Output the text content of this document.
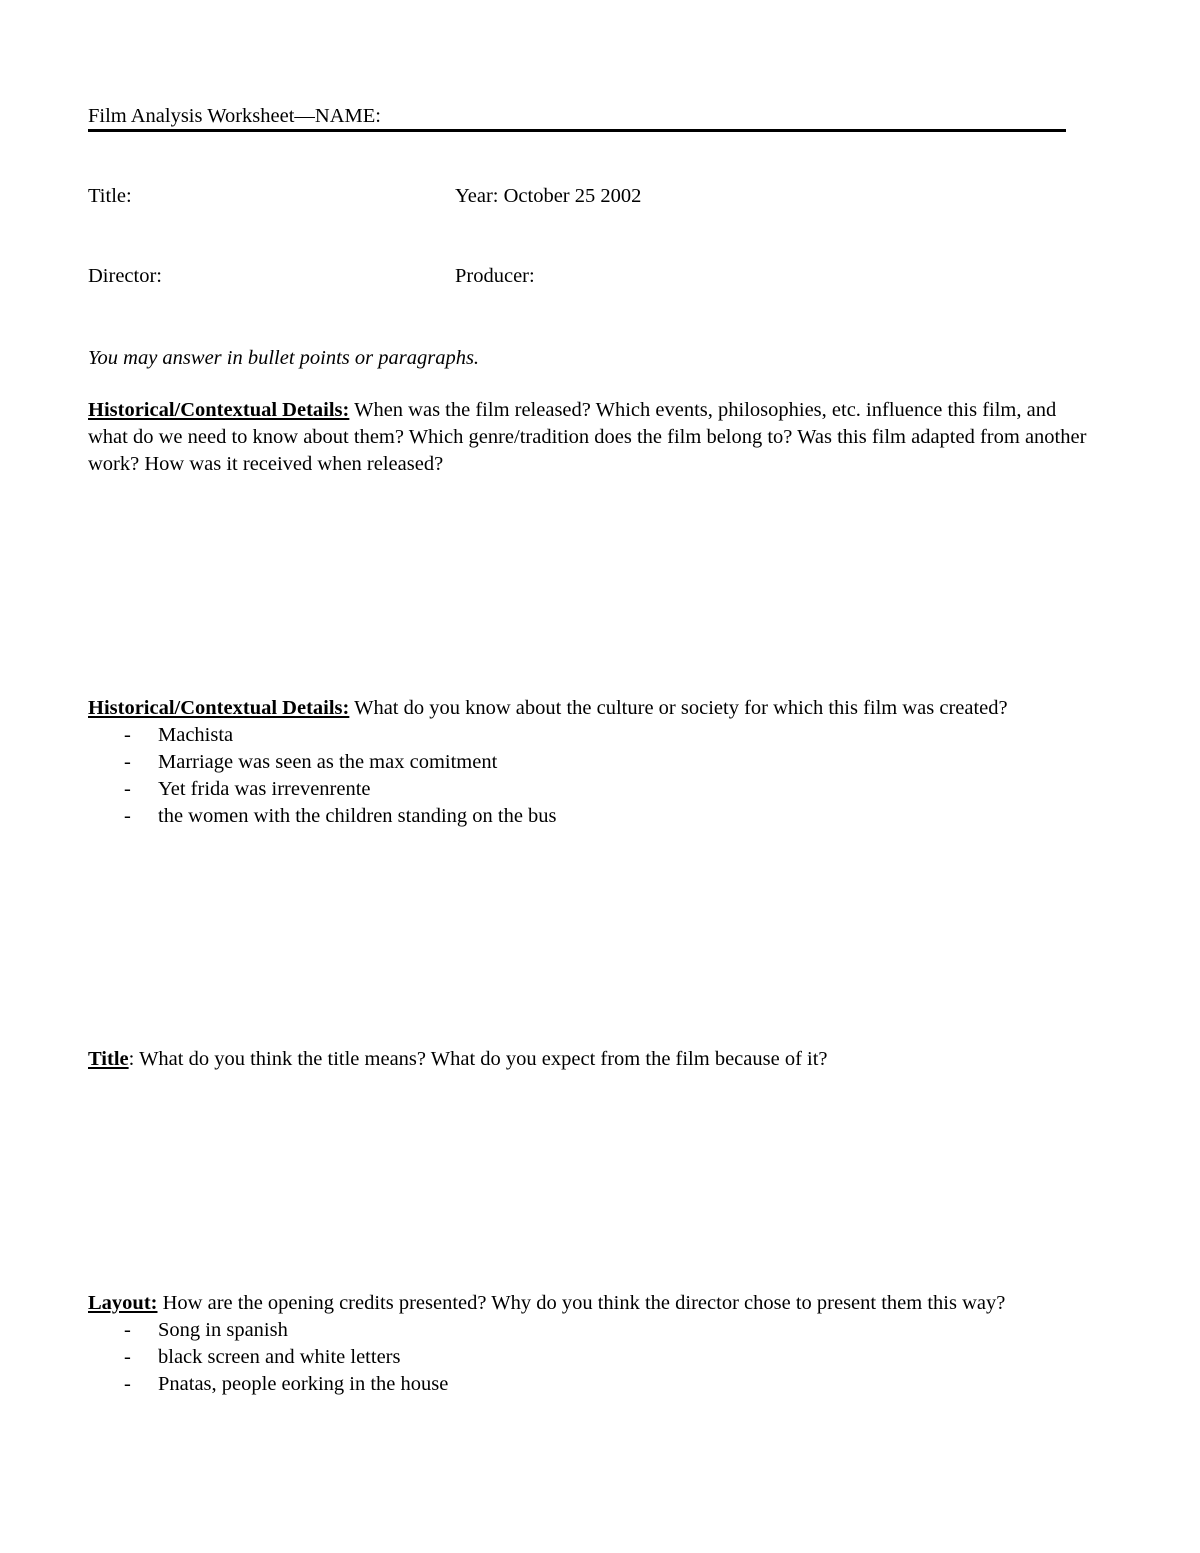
Film Analysis Worksheet—NAME:
Title:	Year: October 25 2002
Director:	Producer:
You may answer in bullet points or paragraphs.
Historical/Contextual Details: When was the film released? Which events, philosophies, etc. influence this film, and what do we need to know about them? Which genre/tradition does the film belong to? Was this film adapted from another work? How was it received when released?
Historical/Contextual Details: What do you know about the culture or society for which this film was created?
- Machista
- Marriage was seen as the max comitment
- Yet frida was irrevenrente
- the women with the children standing on the bus
Title: What do you think the title means? What do you expect from the film because of it?
Layout: How are the opening credits presented? Why do you think the director chose to present them this way?
- Song in spanish
- black screen and white letters
- Pnatas, people eorking in the house
